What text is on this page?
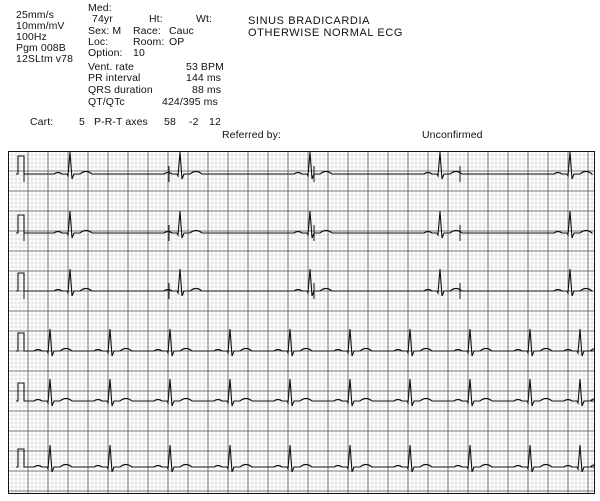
25mm/s
10mm/mV
100Hz
Pgm 008B
12SLtm v78
Med:
74yr	Ht:	Wt:
Sex: M Race: Cauc
Loc: Room: OP
Option: 10
Vent. rate	53 BPM
PR interval	144 ms
QRS duration	88 ms
QT/QTc	424/395 ms
SINUS BRADICARDIA
OTHERWISE NORMAL ECG
Cart: 5 P-R-T axes 58 -2 12
Referred by:	Unconfirmed
